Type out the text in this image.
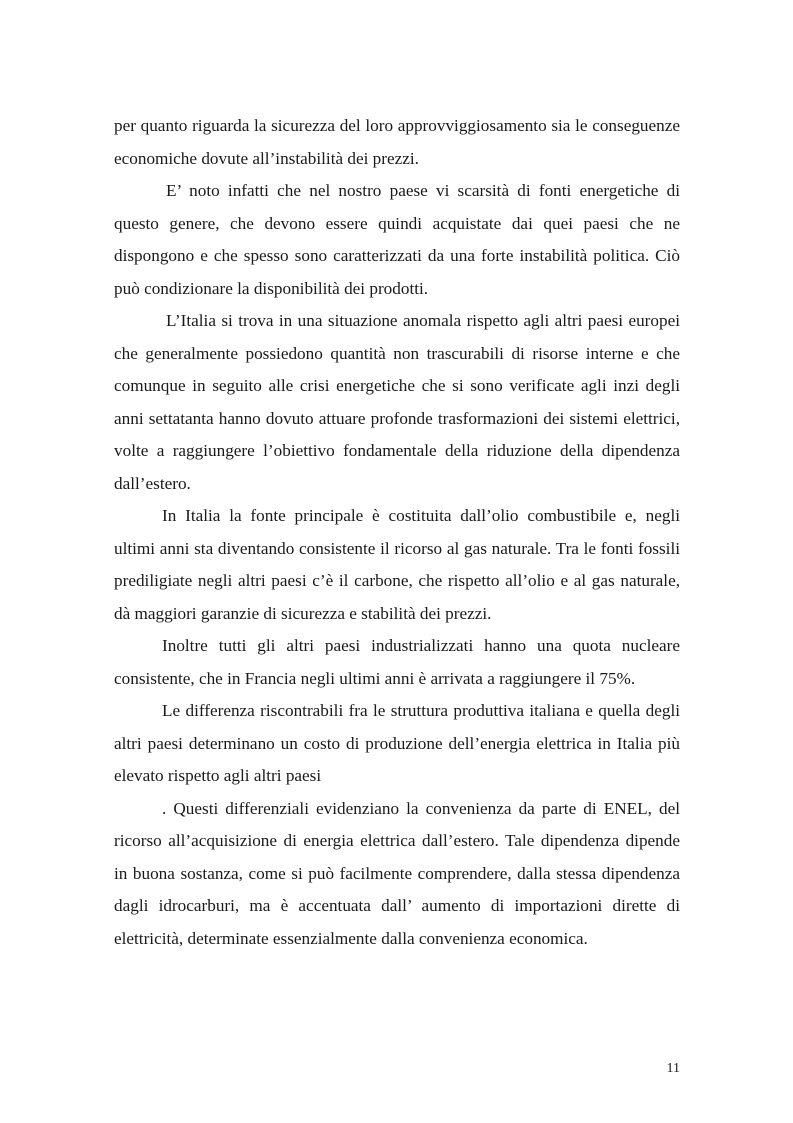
per quanto riguarda la sicurezza del loro approvviggiosamento sia le conseguenze economiche dovute all’instabilità dei prezzi.

E’ noto infatti che nel nostro paese vi scarsità di fonti energetiche di questo genere, che devono essere quindi acquistate dai quei paesi che ne dispongono e che spesso sono caratterizzati da una forte instabilità politica. Ciò può condizionare la disponibilità dei prodotti.

L’Italia si trova in una situazione anomala rispetto agli altri paesi europei che generalmente possiedono quantità non trascurabili di risorse interne e che comunque in seguito alle crisi energetiche che si sono verificate agli inzi degli anni settatanta hanno dovuto attuare profonde trasformazioni dei sistemi elettrici, volte a raggiungere l’obiettivo fondamentale della riduzione della dipendenza dall’estero.

In Italia la fonte principale è costituita dall’olio combustibile e, negli ultimi anni sta diventando consistente il ricorso al gas naturale. Tra le fonti fossili prediligiate negli altri paesi c’è il carbone, che rispetto all’olio e al gas naturale, dà maggiori garanzie di sicurezza e stabilità dei prezzi.

Inoltre tutti gli altri paesi industrializzati hanno una quota nucleare consistente, che in Francia negli ultimi anni è arrivata a raggiungere il 75%.

Le differenza riscontrabili fra le struttura produttiva italiana e quella degli altri paesi determinano un costo di produzione dell’energia elettrica in Italia più elevato rispetto agli altri paesi

. Questi differenziali evidenziano la convenienza da parte di ENEL, del ricorso all’acquisizione di energia elettrica dall’estero. Tale dipendenza dipende in buona sostanza, come si può facilmente comprendere, dalla stessa dipendenza dagli idrocarburi, ma è accentuata dall’ aumento di importazioni dirette di elettricità, determinate essenzialmente dalla convenienza economica.

11
